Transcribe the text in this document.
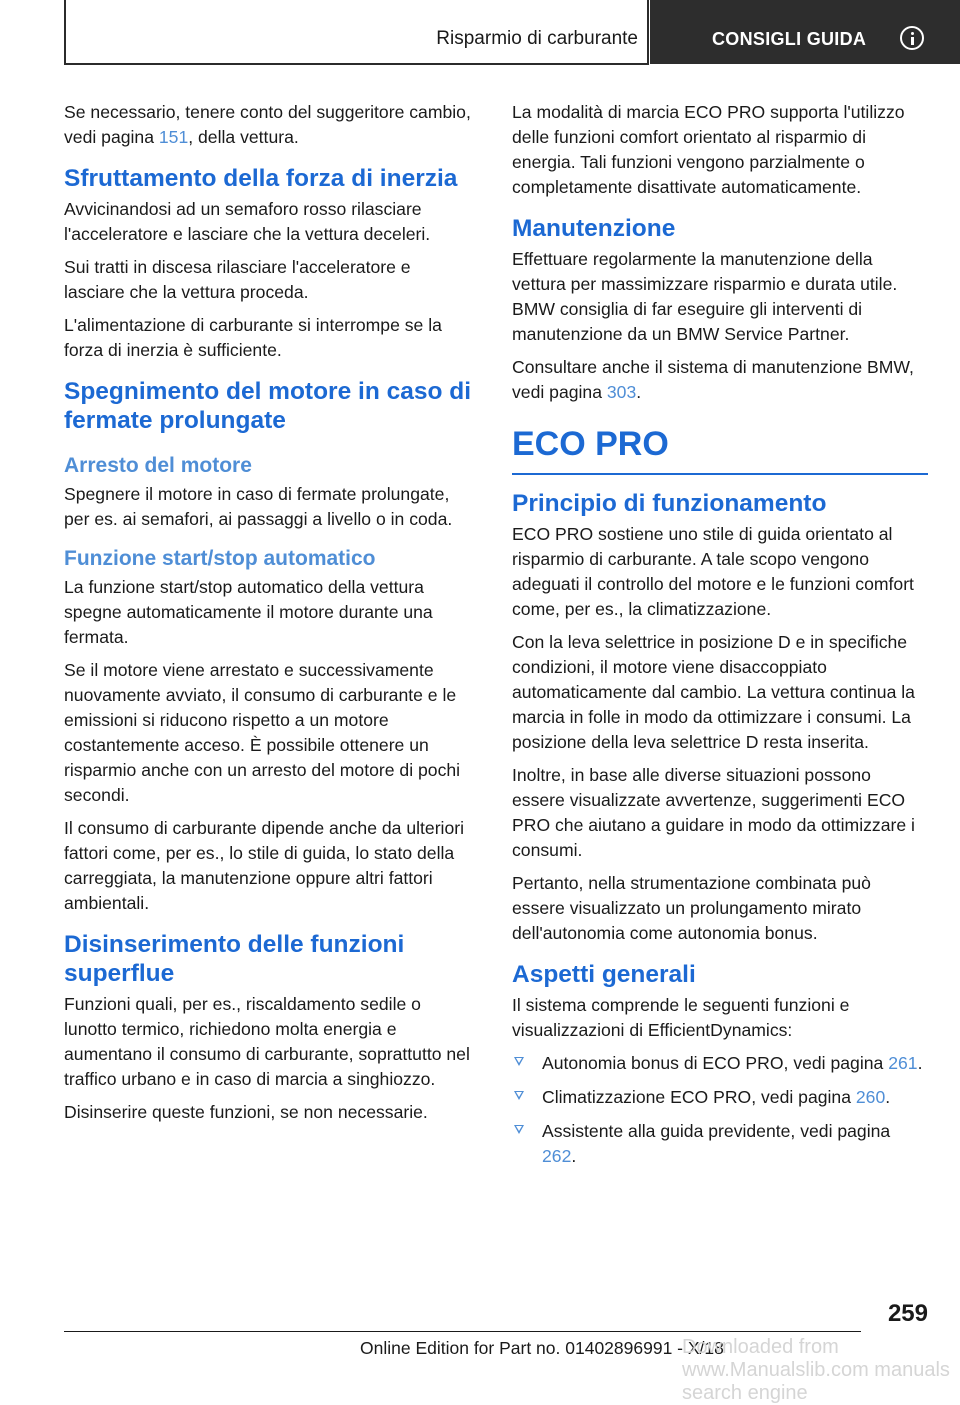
Risparmio di carburante	CONSIGLI GUIDA

Se necessario, tenere conto del suggeritore cambio, vedi pagina 151, della vettura.

Sfruttamento della forza di inerzia

Avvicinandosi ad un semaforo rosso rilasciare l'acceleratore e lasciare che la vettura deceleri.

Sui tratti in discesa rilasciare l'acceleratore e lasciare che la vettura proceda.

L'alimentazione di carburante si interrompe se la forza di inerzia è sufficiente.

Spegnimento del motore in caso di fermate prolungate
Arresto del motore

Spegnere il motore in caso di fermate prolungate, per es. ai semafori, ai passaggi a livello o in coda.

Funzione start/stop automatico

La funzione start/stop automatico della vettura spegne automaticamente il motore durante una fermata.

Se il motore viene arrestato e successivamente nuovamente avviato, il consumo di carburante e le emissioni si riducono rispetto a un motore costantemente acceso. È possibile ottenere un risparmio anche con un arresto del motore di pochi secondi.

Il consumo di carburante dipende anche da ulteriori fattori come, per es., lo stile di guida, lo stato della carreggiata, la manutenzione oppure altri fattori ambientali.

Disinserimento delle funzioni superflue

Funzioni quali, per es., riscaldamento sedile o lunotto termico, richiedono molta energia e aumentano il consumo di carburante, soprattutto nel traffico urbano e in caso di marcia a singhiozzo.

Disinserire queste funzioni, se non necessarie.

La modalità di marcia ECO PRO supporta l'utilizzo delle funzioni comfort orientato al risparmio di energia. Tali funzioni vengono parzialmente o completamente disattivate automaticamente.

Manutenzione

Effettuare regolarmente la manutenzione della vettura per massimizzare risparmio e durata utile. BMW consiglia di far eseguire gli interventi di manutenzione da un BMW Service Partner.

Consultare anche il sistema di manutenzione BMW, vedi pagina 303.

ECO PRO
Principio di funzionamento

ECO PRO sostiene uno stile di guida orientato al risparmio di carburante. A tale scopo vengono adeguati il controllo del motore e le funzioni comfort come, per es., la climatizzazione.

Con la leva selettrice in posizione D e in specifiche condizioni, il motore viene disaccoppiato automaticamente dal cambio. La vettura continua la marcia in folle in modo da ottimizzare i consumi. La posizione della leva selettrice D resta inserita.

Inoltre, in base alle diverse situazioni possono essere visualizzate avvertenze, suggerimenti ECO PRO che aiutano a guidare in modo da ottimizzare i consumi.

Pertanto, nella strumentazione combinata può essere visualizzato un prolungamento mirato dell'autonomia come autonomia bonus.

Aspetti generali

Il sistema comprende le seguenti funzioni e visualizzazioni di EfficientDynamics:

Autonomia bonus di ECO PRO, vedi pagina 261.
Climatizzazione ECO PRO, vedi pagina 260.
Assistente alla guida previdente, vedi pagina 262.
259
Online Edition for Part no. 01402896991 - X/18
Downloaded from www.Manualslib.com manuals search engine
